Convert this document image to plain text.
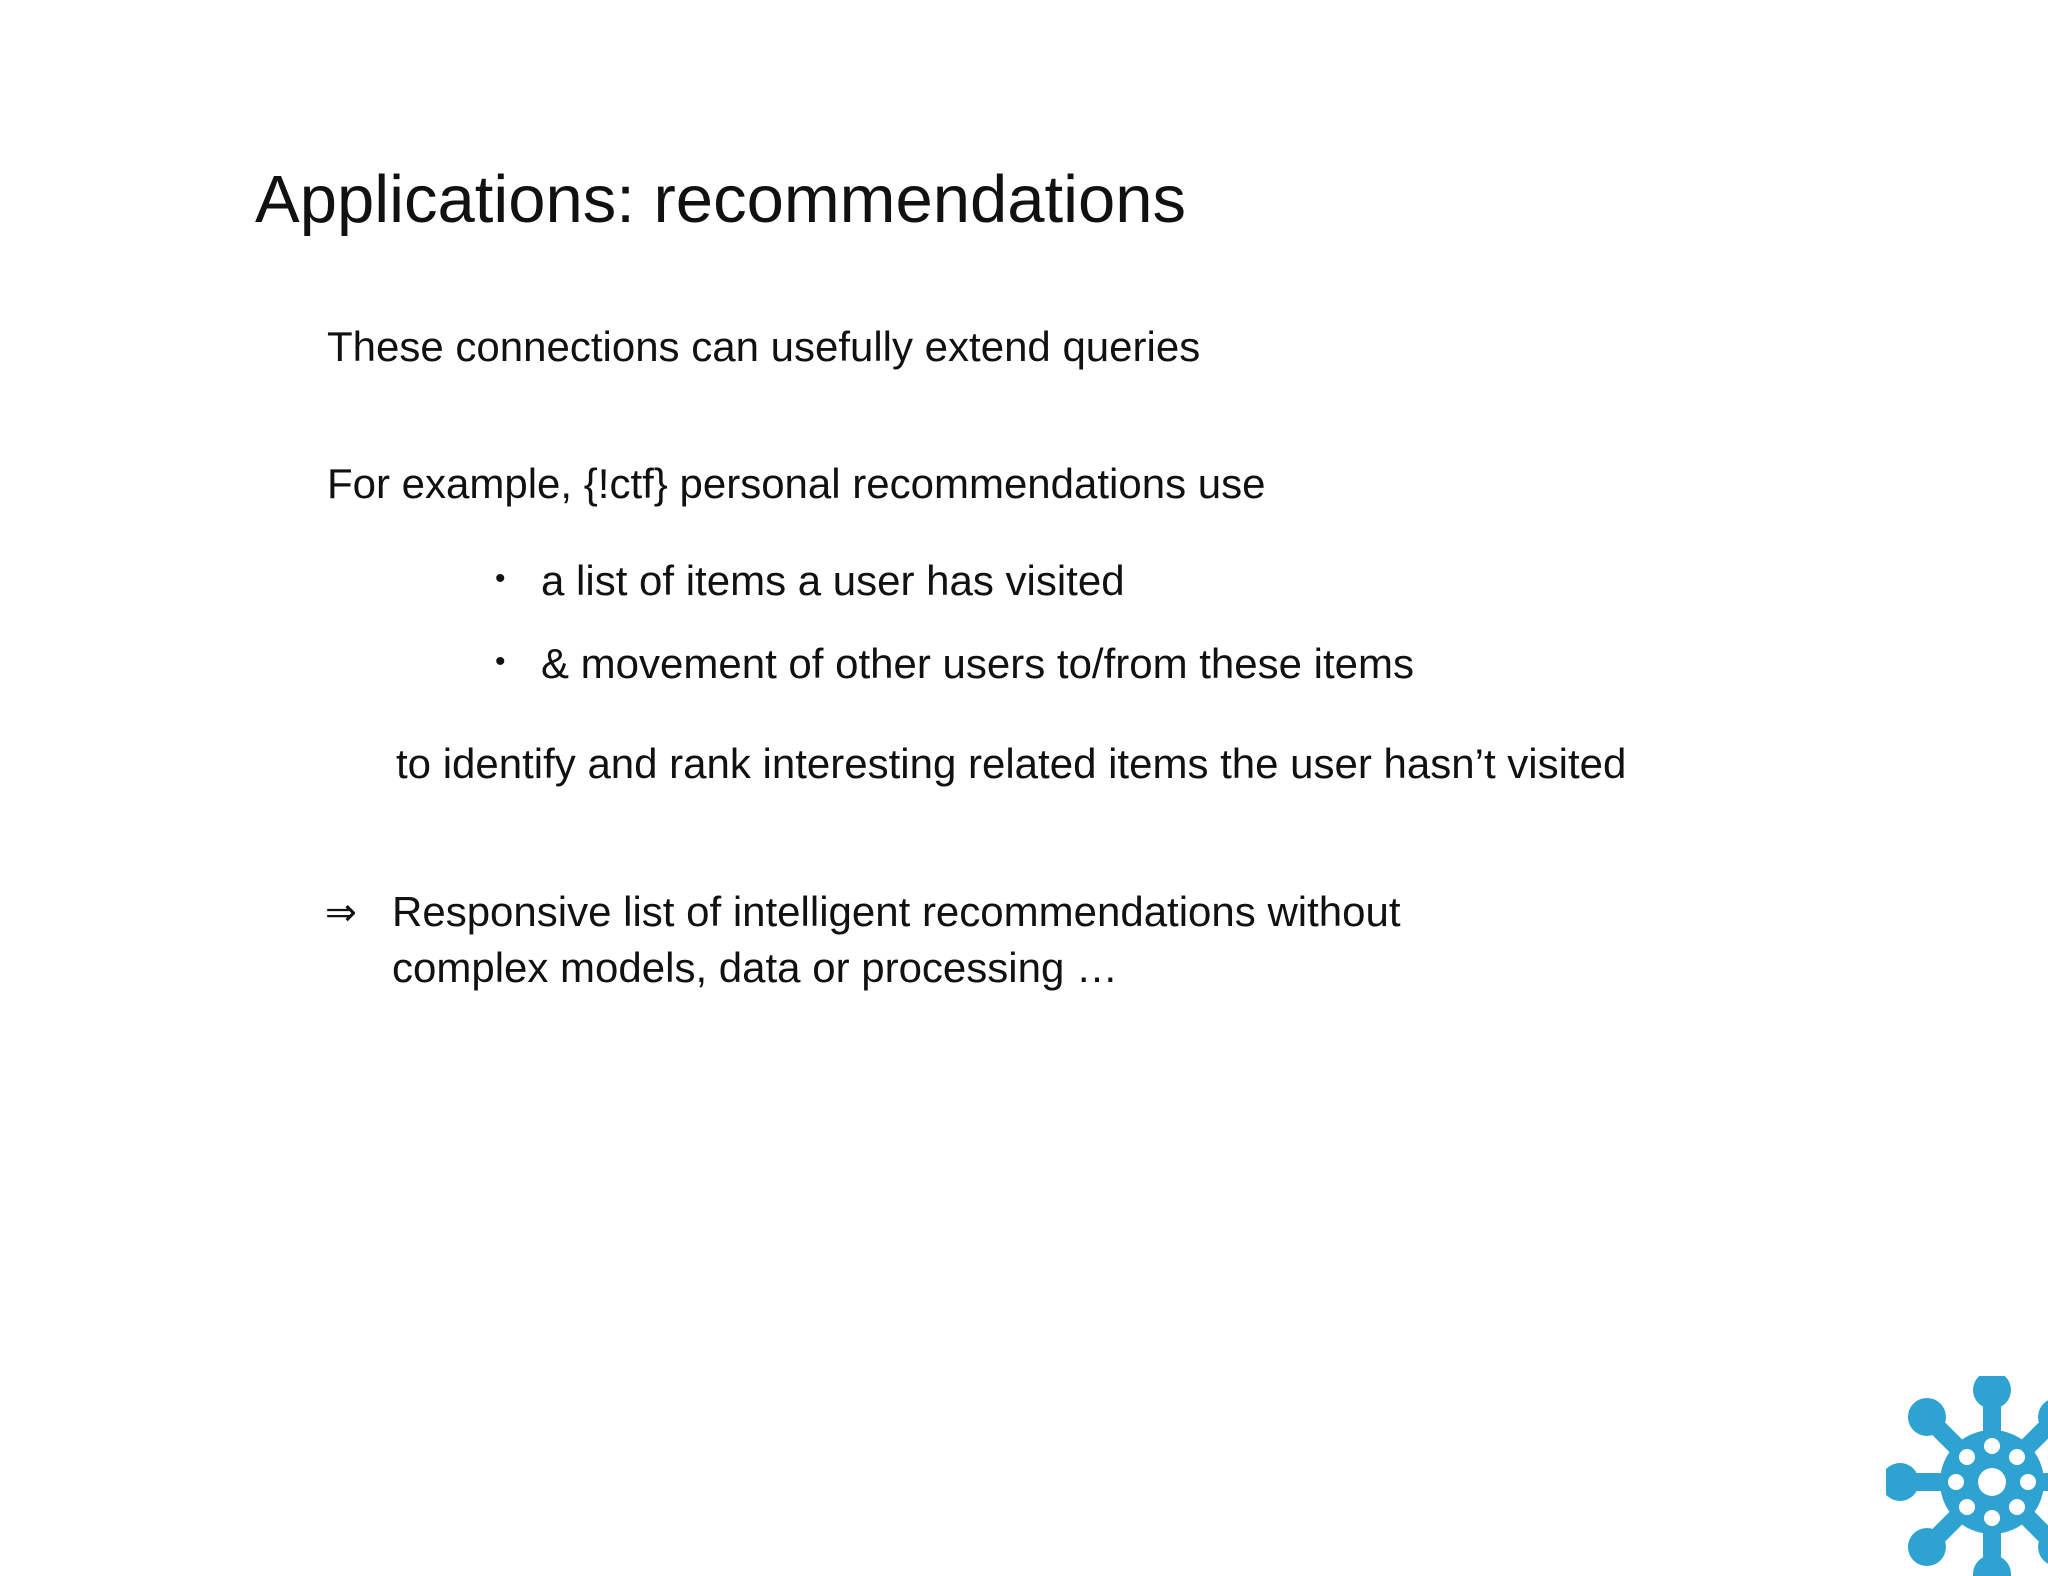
Applications: recommendations

These connections can usefully extend queries

For example, {!ctf} personal recommendations use

• a list of items a user has visited
• & movement of other users to/from these items

to identify and rank interesting related items the user hasn’t visited

⇒ Responsive list of intelligent recommendations without
complex models, data or processing …
